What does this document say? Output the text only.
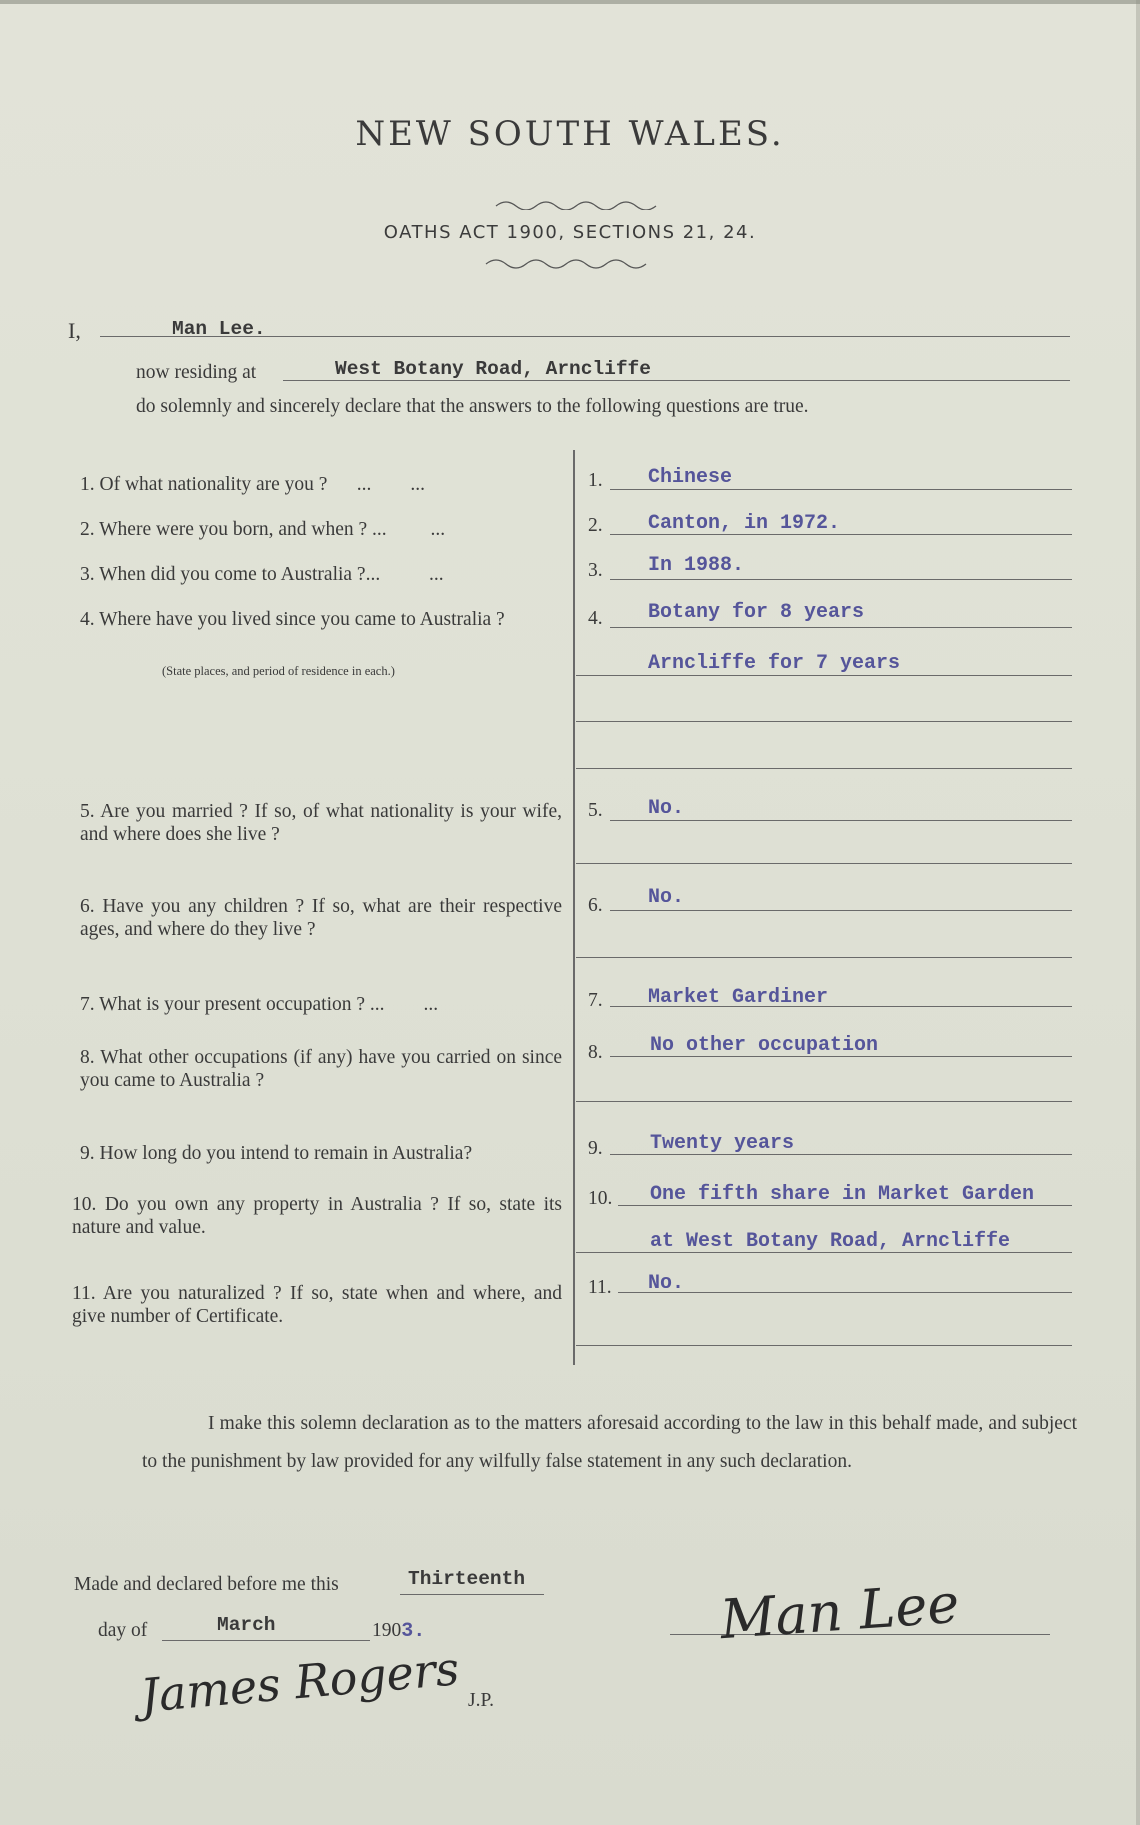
NEW SOUTH WALES.
OATHS ACT 1900, SECTIONS 21, 24.
I,	Man Lee.
now residing at	West Botany Road, Arncliffe
do solemnly and sincerely declare that the answers to the following questions are true.
1. Of what nationality are you ?      ...        ...	1. Chinese
2. Where were you born, and when ? ...         ...	2. Canton, in 1972.
3. When did you come to Australia ?...          ...	3. In 1988.
4. Where have you lived since you came to Australia ?
(State places, and period of residence in each.)
4. Botany for 8 years
Arncliffe for 7 years
5. Are you married ? If so, of what nationality is your wife, and where does she live ?
5. No.
6. Have you any children ? If so, what are their respective ages, and where do they live ?
6. No.
7. What is your present occupation ? ...        ...	7. Market Gardiner
8. What other occupations (if any) have you carried on since you came to Australia ?
8. No other occupation
9. How long do you intend to remain in Australia?	9. Twenty years
10. Do you own any property in Australia ? If so, state its nature and value.
10. One fifth share in Market Garden
at West Botany Road, Arncliffe
11. Are you naturalized ? If so, state when and where, and give number of Certificate.
11. No.
I make this solemn declaration as to the matters aforesaid according to the law in this behalf made, and subject to the punishment by law provided for any wilfully false statement in any such declaration.
Made and declared before me this	Thirteenth
day of	March	1903.
James Rogers J.P.
Man Lee
